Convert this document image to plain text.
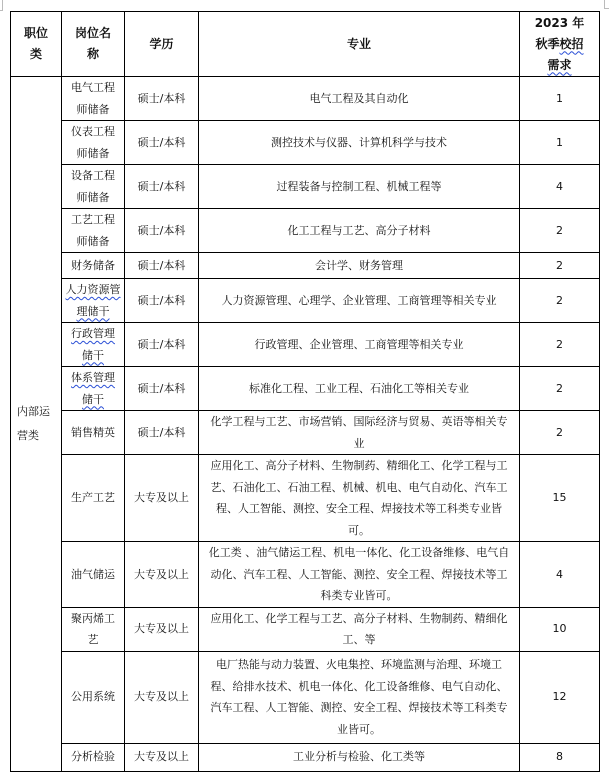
职位类	岗位名称	学历	专业	2023 年
秋季校招
需求
内部运营类	电气工程师储备	硕士/本科	电气工程及其自动化	1
	仪表工程师储备	硕士/本科	测控技术与仪器、计算机科学与技术	1
	设备工程师储备	硕士/本科	过程装备与控制工程、机械工程等	4
	工艺工程师储备	硕士/本科	化工工程与工艺、高分子材料	2
	财务储备	硕士/本科	会计学、财务管理	2
	人力资源管理储干	硕士/本科	人力资源管理、心理学、企业管理、工商管理等相关专业	2
	行政管理储干	硕士/本科	行政管理、企业管理、工商管理等相关专业	2
	体系管理储干	硕士/本科	标准化工程、工业工程、石油化工等相关专业	2
	销售精英	硕士/本科	化学工程与工艺、市场营销、国际经济与贸易、英语等相关专业	2
	生产工艺	大专及以上	应用化工、高分子材料、生物制药、精细化工、化学工程与工艺、石油化工、石油工程、机械、机电、电气自动化、汽车工程、人工智能、测控、安全工程、焊接技术等工科类专业皆可。	15
	油气储运	大专及以上	化工类 、油气储运工程、机电一体化、化工设备维修、电气自动化、汽车工程、人工智能、测控、安全工程、焊接技术等工科类专业皆可。	4
	聚丙烯工艺	大专及以上	应用化工、化学工程与工艺、高分子材料、生物制药、精细化工、等	10
	公用系统	大专及以上	电厂热能与动力装置、火电集控、环境监测与治理、环境工程、给排水技术、机电一体化、化工设备维修、电气自动化、汽车工程、人工智能、测控、安全工程、焊接技术等工科类专业皆可。	12
	分析检验	大专及以上	工业分析与检验、化工类等	8
